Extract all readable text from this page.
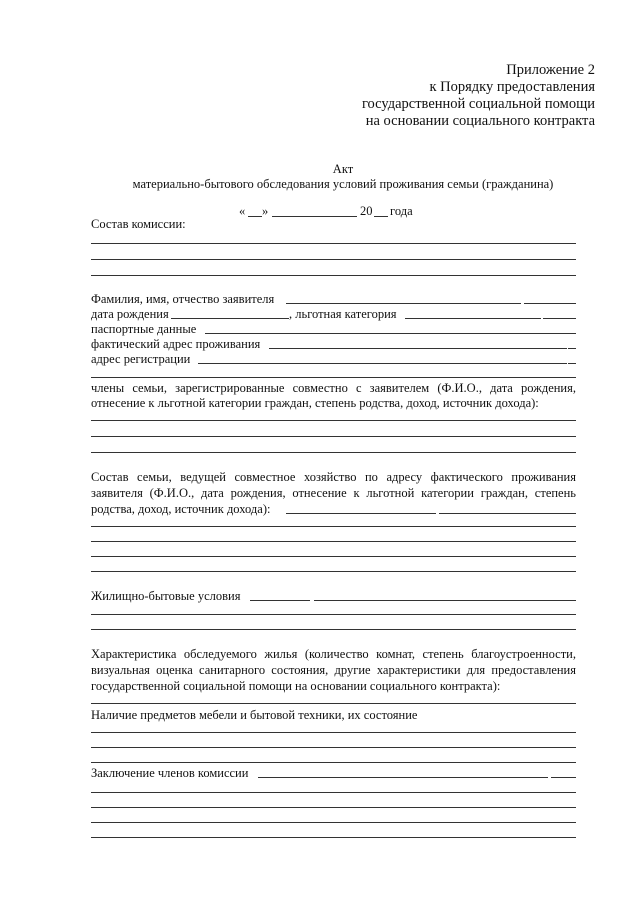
Приложение 2
к Порядку предоставления
государственной социальной помощи
на основании социального контракта
Акт
материально-бытового обследования условий проживания семьи (гражданина)
« »	20 года
Состав комиссии:
Фамилия, имя, отчество заявителя
дата рождения	, льготная категория
паспортные данные
фактический адрес проживания
адрес регистрации
члены семьи, зарегистрированные совместно с заявителем (Ф.И.О., дата рождения,
отнесение к льготной категории граждан, степень родства, доход, источник дохода):
Состав семьи, ведущей совместное хозяйство по адресу фактического проживания
заявителя (Ф.И.О., дата рождения, отнесение к льготной категории граждан, степень
родства, доход, источник дохода):
Жилищно-бытовые условия
Характеристика обследуемого жилья (количество комнат, степень благоустроенности,
визуальная оценка санитарного состояния, другие характеристики для предоставления
государственной социальной помощи на основании социального контракта):
Наличие предметов мебели и бытовой техники, их состояние
Заключение членов комиссии
